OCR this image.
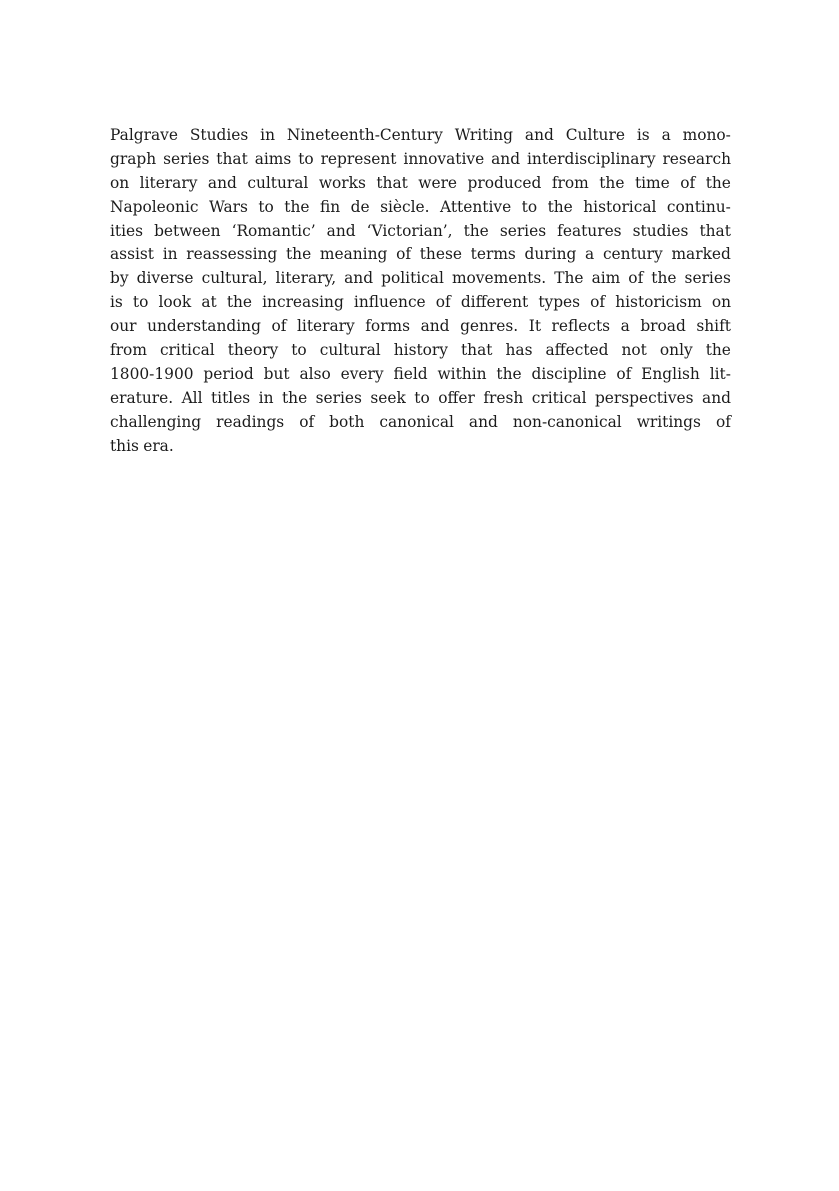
Palgrave Studies in Nineteenth-Century Writing and Culture is a mono-
graph series that aims to represent innovative and interdisciplinary research
on literary and cultural works that were produced from the time of the
Napoleonic Wars to the fin de siècle. Attentive to the historical continu-
ities between ‘Romantic’ and ‘Victorian’, the series features studies that
assist in reassessing the meaning of these terms during a century marked
by diverse cultural, literary, and political movements. The aim of the series
is to look at the increasing influence of different types of historicism on
our understanding of literary forms and genres. It reflects a broad shift
from critical theory to cultural history that has affected not only the
1800-1900 period but also every field within the discipline of English lit-
erature. All titles in the series seek to offer fresh critical perspectives and
challenging readings of both canonical and non-canonical writings of
this era.
